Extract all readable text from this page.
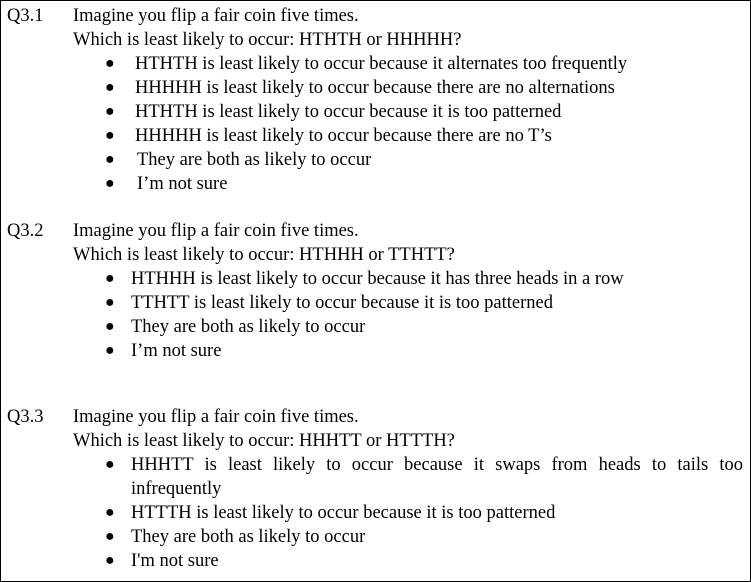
Q3.1 Imagine you flip a fair coin five times.
Which is least likely to occur: HTHTH or HHHHH?
● HTHTH is least likely to occur because it alternates too frequently
● HHHHH is least likely to occur because there are no alternations
● HTHTH is least likely to occur because it is too patterned
● HHHHH is least likely to occur because there are no T’s
● They are both as likely to occur
● I’m not sure
Q3.2 Imagine you flip a fair coin five times.
Which is least likely to occur: HTHHH or TTHTT?
● HTHHH is least likely to occur because it has three heads in a row
● TTHTT is least likely to occur because it is too patterned
● They are both as likely to occur
● I’m not sure
Q3.3 Imagine you flip a fair coin five times.
Which is least likely to occur: HHHTT or HTTTH?
● HHHTT is least likely to occur because it swaps from heads to tails too infrequently
● HTTTH is least likely to occur because it is too patterned
● They are both as likely to occur
● I'm not sure
